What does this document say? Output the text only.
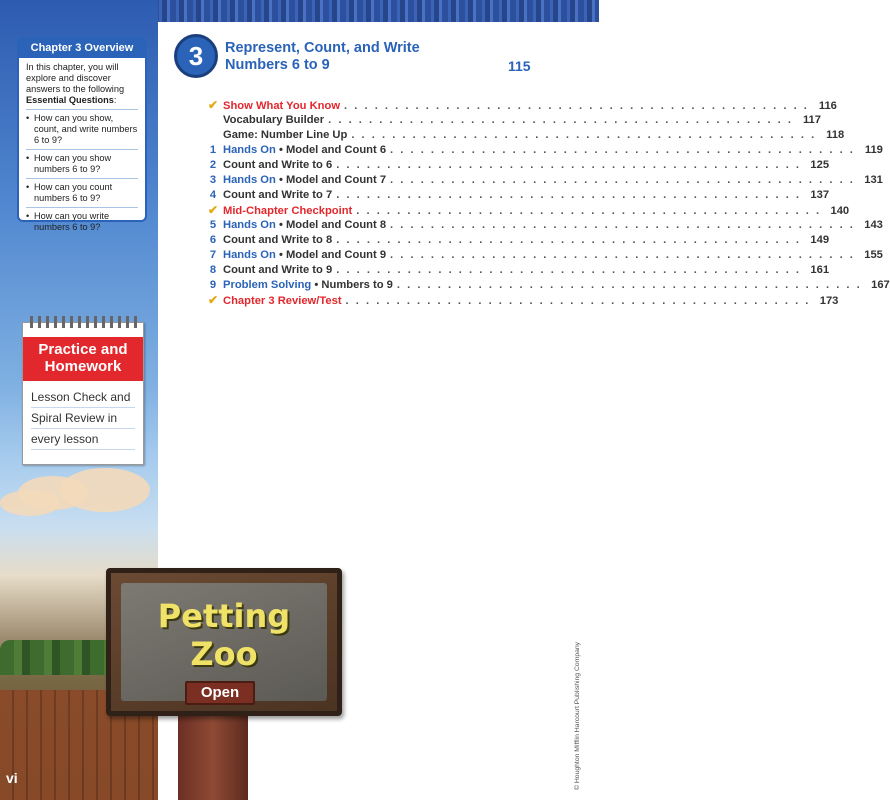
Chapter 3 Overview
In this chapter, you will explore and discover answers to the following Essential Questions:
• How can you show, count, and write numbers 6 to 9?
• How can you show numbers 6 to 9?
• How can you count numbers 6 to 9?
• How can you write numbers 6 to 9?
Practice and Homework
Lesson Check and
Spiral Review in
every lesson
Petting
Zoo
Open
vi
3	Represent, Count, and Write
Numbers 6 to 9	115
✔ Show What You Know . . .	116
Vocabulary Builder . . .	117
Game: Number Line Up . . .	118
1 Hands On • Model and Count 6 . . .	119
2 Count and Write to 6 . . .	125
3 Hands On • Model and Count 7 . . .	131
4 Count and Write to 7 . . .	137
✔ Mid-Chapter Checkpoint . . .	140
5 Hands On • Model and Count 8 . . .	143
6 Count and Write to 8 . . .	149
7 Hands On • Model and Count 9 . . .	155
8 Count and Write to 9 . . .	161
9 Problem Solving • Numbers to 9 . . .	167
✔ Chapter 3 Review/Test . . .	173
© Houghton Mifflin Harcourt Publishing Company
